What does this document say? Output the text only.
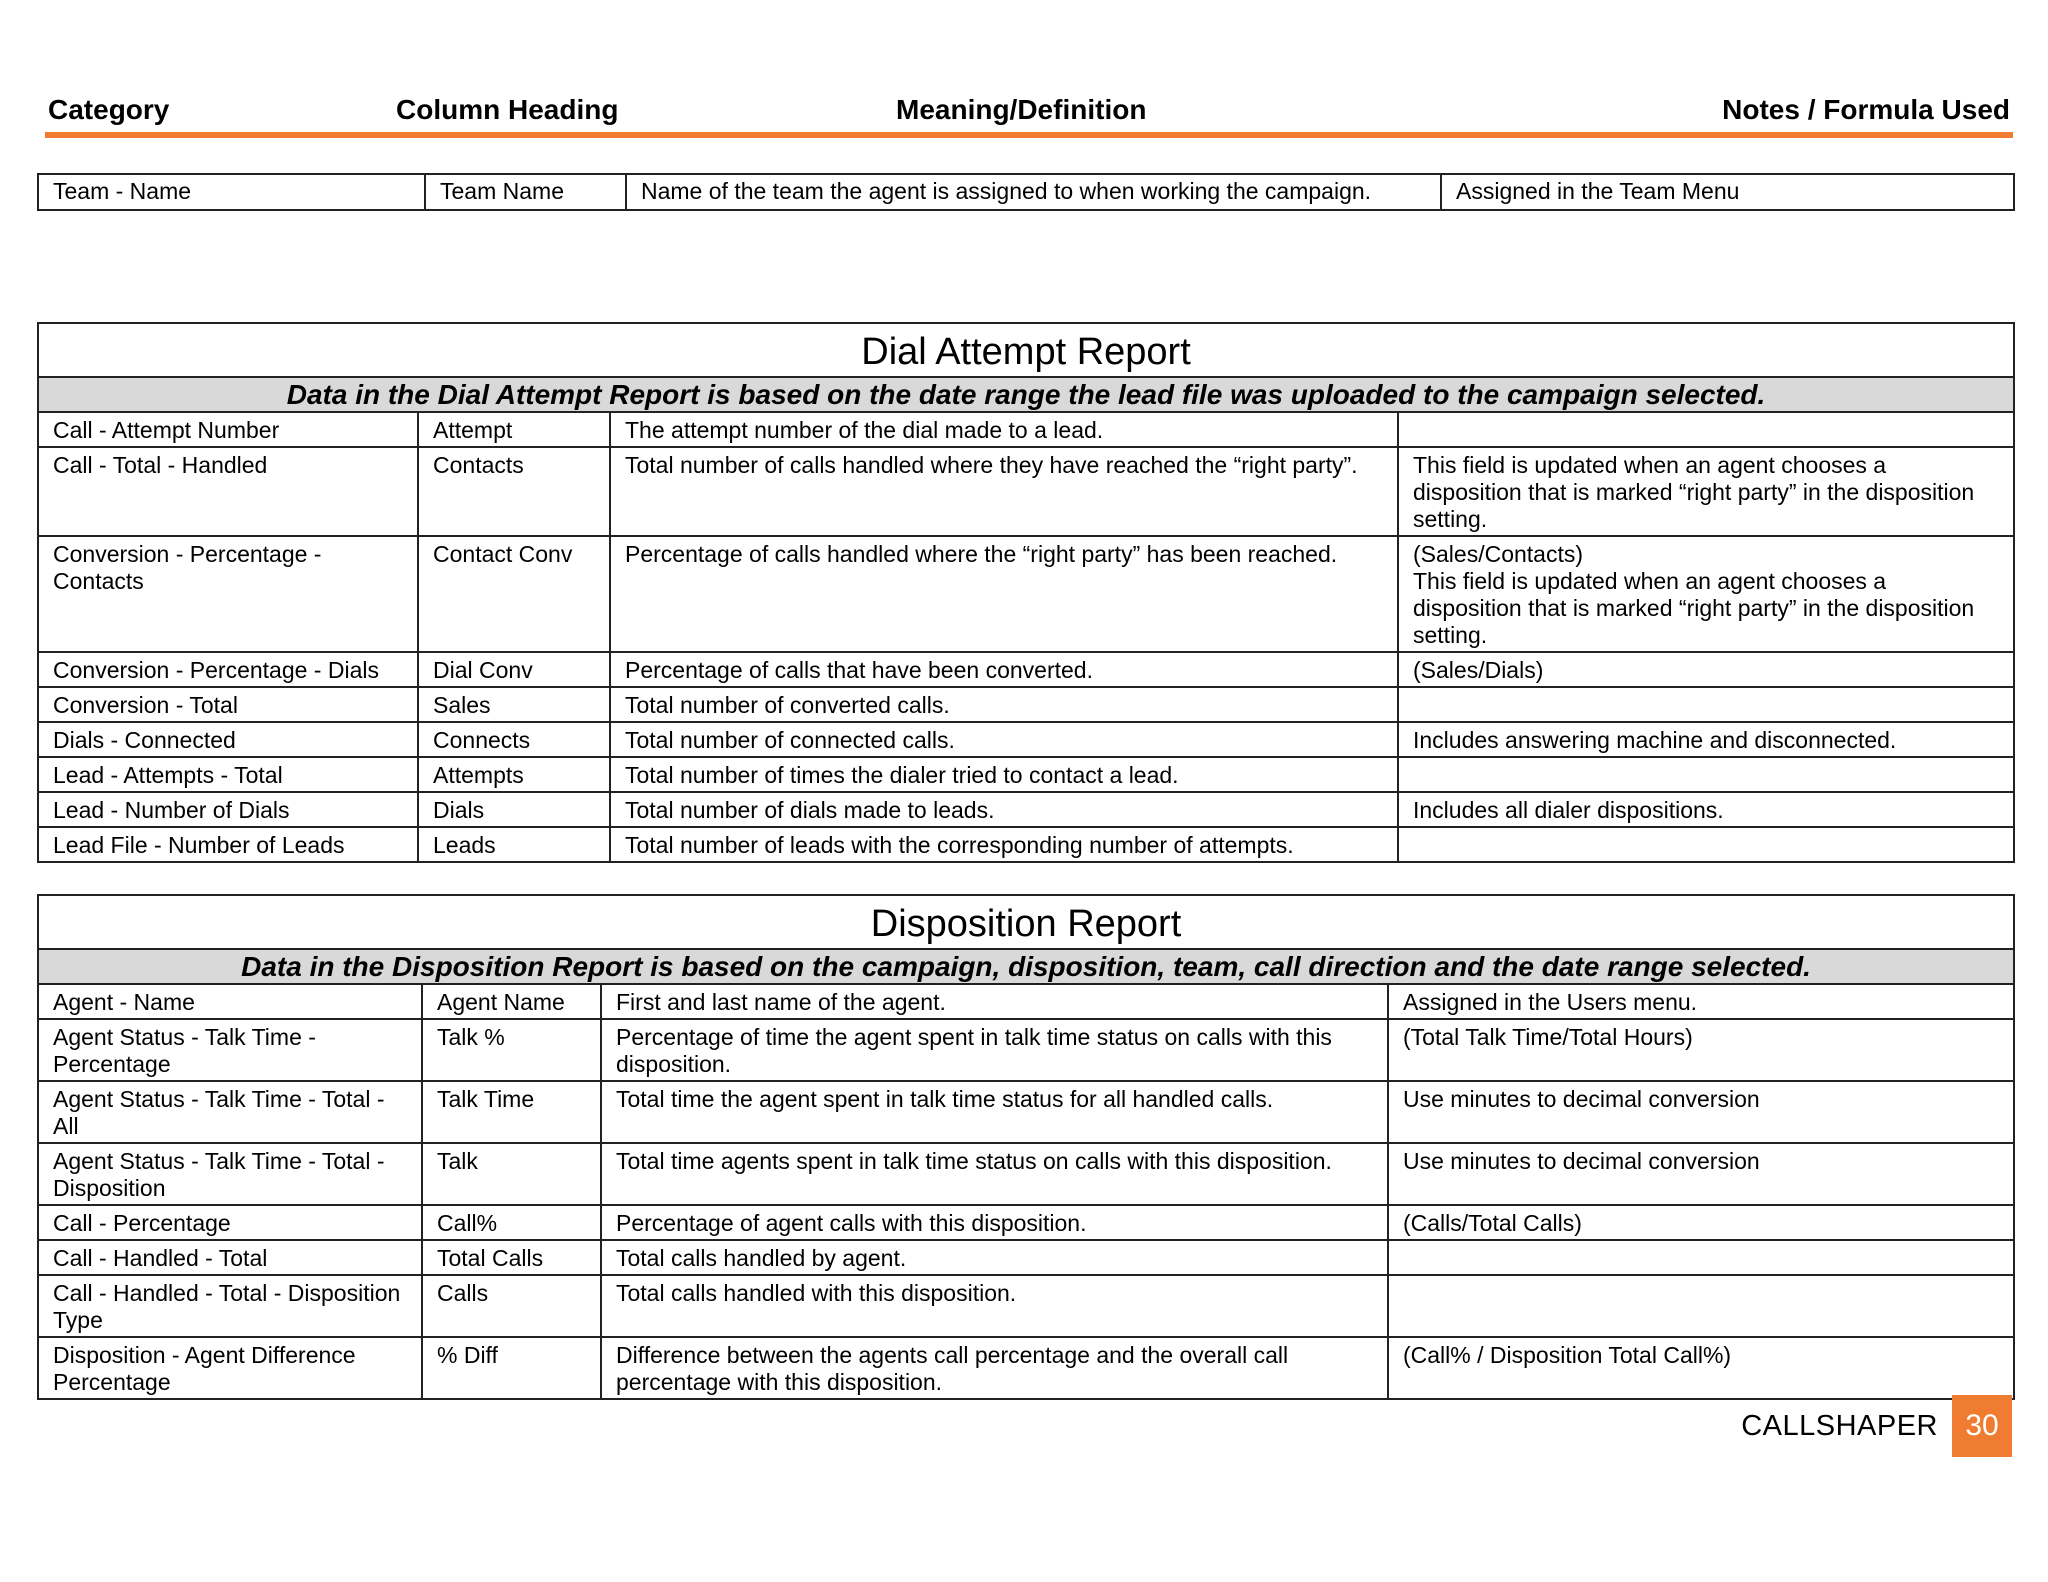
Category	Column Heading	Meaning/Definition	Notes / Formula Used
Team - Name	Team Name	Name of the team the agent is assigned to when working the campaign.	Assigned in the Team Menu
Dial Attempt Report			
Data in the Dial Attempt Report is based on the date range the lead file was uploaded to the campaign selected.			
Call - Attempt Number	Attempt	The attempt number of the dial made to a lead.	
Call - Total - Handled	Contacts	Total number of calls handled where they have reached the “right party”.	This field is updated when an agent chooses a disposition that is marked “right party” in the disposition setting.
Conversion - Percentage - Contacts	Contact Conv	Percentage of calls handled where the “right party” has been reached.	(Sales/Contacts)
This field is updated when an agent chooses a disposition that is marked “right party” in the disposition setting.
Conversion - Percentage - Dials	Dial Conv	Percentage of calls that have been converted.	(Sales/Dials)
Conversion - Total	Sales	Total number of converted calls.	
Dials - Connected	Connects	Total number of connected calls.	Includes answering machine and disconnected.
Lead - Attempts - Total	Attempts	Total number of times the dialer tried to contact a lead.	
Lead - Number of Dials	Dials	Total number of dials made to leads.	Includes all dialer dispositions.
Lead File - Number of Leads	Leads	Total number of leads with the corresponding number of attempts.	
Disposition Report			
Data in the Disposition Report is based on the campaign, disposition, team, call direction and the date range selected.			
Agent - Name	Agent Name	First and last name of the agent.	Assigned in the Users menu.
Agent Status - Talk Time - Percentage	Talk %	Percentage of time the agent spent in talk time status on calls with this disposition.	(Total Talk Time/Total Hours)
Agent Status - Talk Time - Total - All	Talk Time	Total time the agent spent in talk time status for all handled calls.	Use minutes to decimal conversion
Agent Status - Talk Time - Total - Disposition	Talk	Total time agents spent in talk time status on calls with this disposition.	Use minutes to decimal conversion
Call - Percentage	Call%	Percentage of agent calls with this disposition.	(Calls/Total Calls)
Call - Handled - Total	Total Calls	Total calls handled by agent.	
Call - Handled - Total - Disposition Type	Calls	Total calls handled with this disposition.	
Disposition - Agent Difference Percentage	% Diff	Difference between the agents call percentage and the overall call percentage with this disposition.	(Call% / Disposition Total Call%)
CALLSHAPER 30
